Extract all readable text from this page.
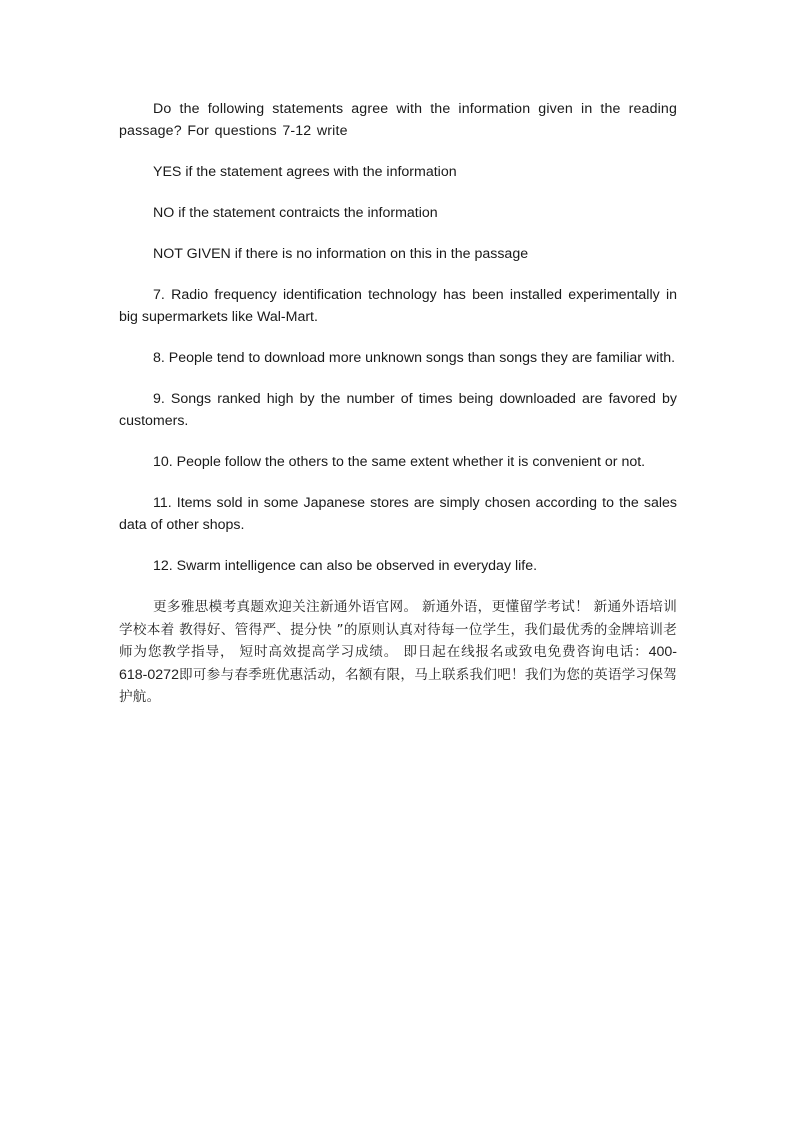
Do the following statements agree with the information given in the reading passage? For questions 7-12 write

YES if the statement agrees with the information

NO if the statement contraicts the information

NOT GIVEN if there is no information on this in the passage

7. Radio frequency identification technology has been installed experimentally in big supermarkets like Wal-Mart.

8. People tend to download more unknown songs than songs they are familiar with.

9. Songs ranked high by the number of times being downloaded are favored by customers.

10. People follow the others to the same extent whether it is convenient or not.

11. Items sold in some Japanese stores are simply chosen according to the sales data of other shops.

12. Swarm intelligence can also be observed in everyday life.

更多雅思模考真题欢迎关注新通外语官网。 新通外语，更懂留学考试！ 新通外语培训学校本着 教得好、管得严、提分快 ”的原则认真对待每一位学生，我们最优秀的金牌培训老师为您教学指导， 短时高效提高学习成绩。 即日起在线报名或致电免费咨询电话：400-618-0272即可参与春季班优惠活动，名额有限，马上联系我们吧！我们为您的英语学习保驾护航。
